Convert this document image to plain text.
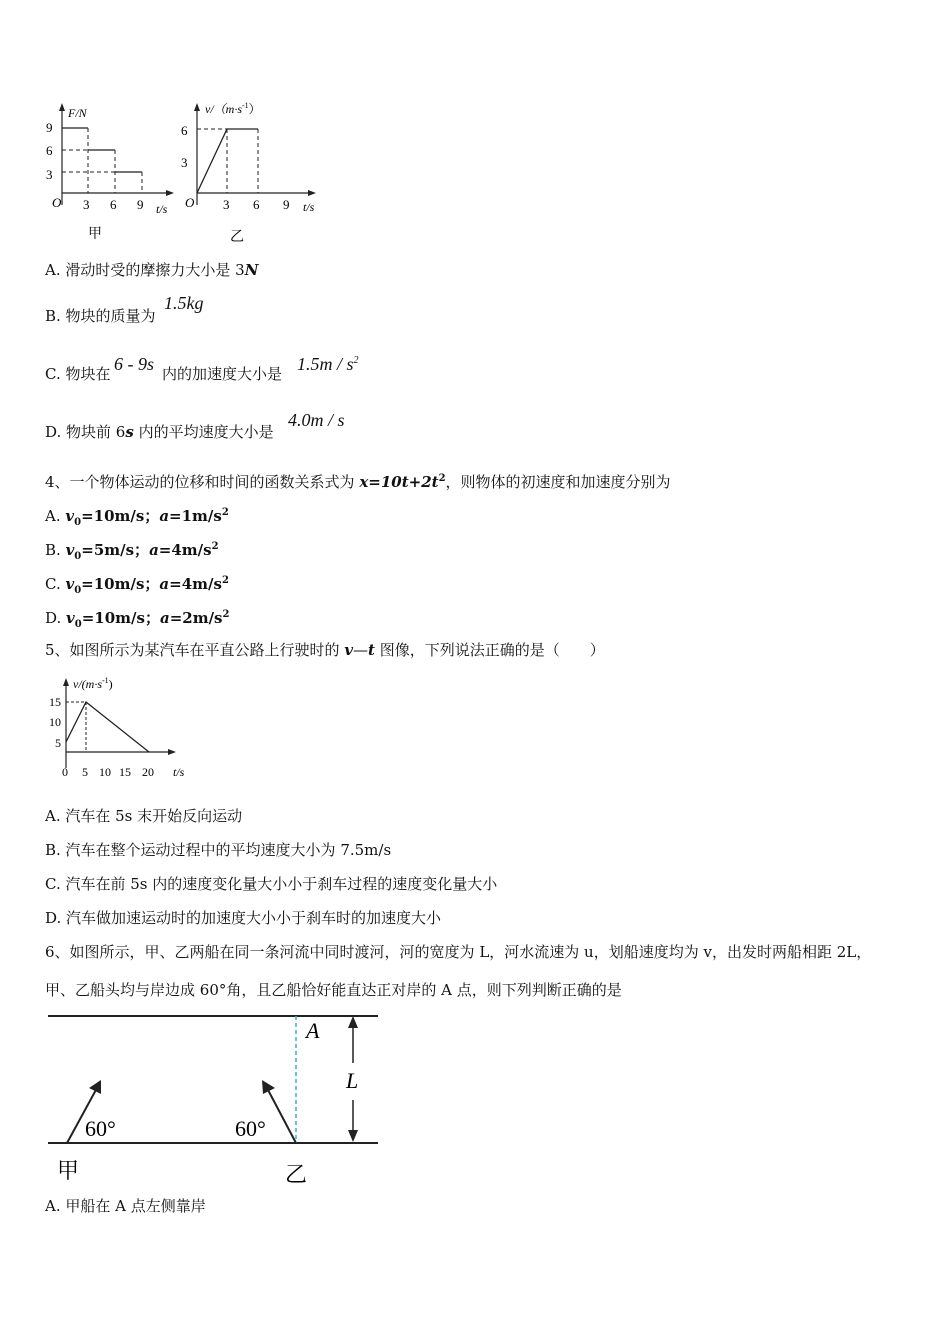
F/N
9
6
3
O 3 6 9 t/s
甲
$v/(m\cdot s^{-1})$
6
3
O 3 6 9 t/s
乙
A. 滑动时受的摩擦力大小是 3N
B. 物块的质量为
1.5kg
C. 物块在 6 - 9s 内的加速度大小是 $1.5m / s^2$
D. 物块前 6s 内的平均速度大小是
4.0m / s
4、一个物体运动的位移和时间的函数关系式为 $x=10t+2t^2$，则物体的初速度和加速度分别为
A. $v_0=10m/s$；$a=1m/s^2$
B. $v_0=5m/s$；$a=4m/s^2$
C. $v_0=10m/s$；$a=4m/s^2$
D. $v_0=10m/s$；$a=2m/s^2$
5、如图所示为某汽车在平直公路上行驶时的 v—t 图像，下列说法正确的是（　　）
$v/(m\cdot s^{-1})$
15
10
5
0 5 10 15 20 t/s
A. 汽车在 5s 末开始反向运动
B. 汽车在整个运动过程中的平均速度大小为 7.5m/s
C. 汽车在前 5s 内的速度变化量大小小于刹车过程的速度变化量大小
D. 汽车做加速运动时的加速度大小小于刹车时的加速度大小
6、如图所示，甲、乙两船在同一条河流中同时渡河，河的宽度为 L，河水流速为 u，划船速度均为 v，出发时两船相距 2L，
甲、乙船头均与岸边成 60°角，且乙船恰好能直达正对岸的 A 点，则下列判断正确的是
A
L
60°	60°
甲	乙
A. 甲船在 A 点左侧靠岸
